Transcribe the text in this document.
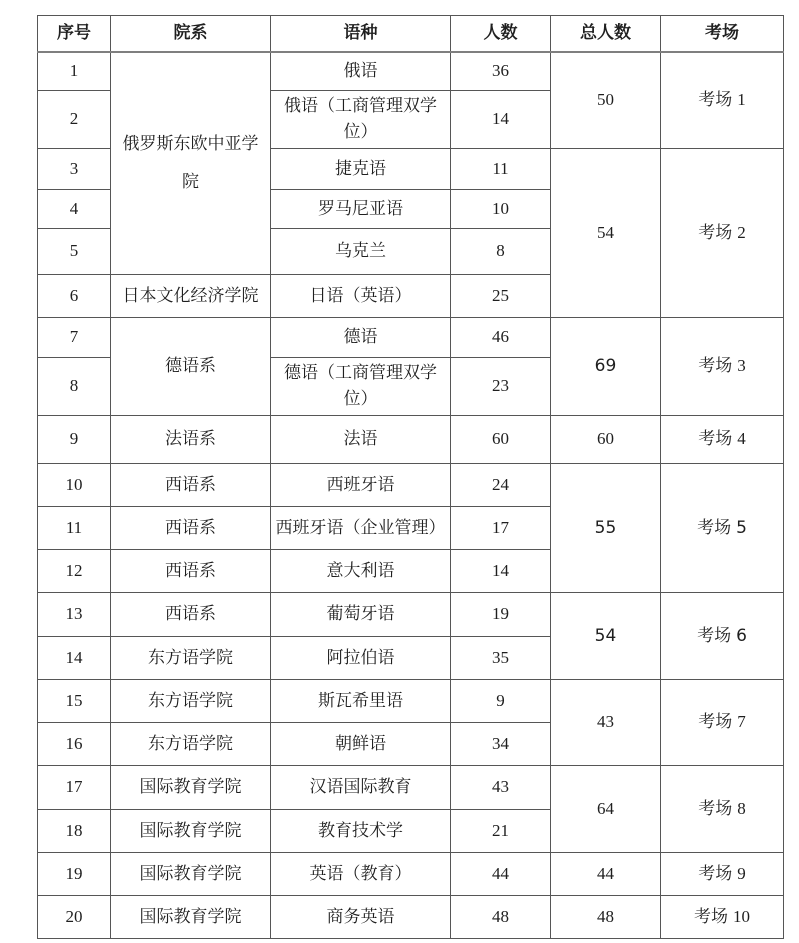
序号	院系	语种	人数	总人数	考场
1	俄罗斯东欧中亚学院	俄语	36	50	考场 1
2		俄语（工商管理双学位）	14		
3		捷克语	11	54	考场 2
4		罗马尼亚语	10		
5		乌克兰	8		
6	日本文化经济学院	日语（英语）	25		
7	德语系	德语	46	69	考场 3
8		德语（工商管理双学位）	23		
9	法语系	法语	60	60	考场 4
10	西语系	西班牙语	24	55	考场 5
11	西语系	西班牙语（企业管理）	17		
12	西语系	意大利语	14		
13	西语系	葡萄牙语	19	54	考场 6
14	东方语学院	阿拉伯语	35		
15	东方语学院	斯瓦希里语	9	43	考场 7
16	东方语学院	朝鲜语	34		
17	国际教育学院	汉语国际教育	43	64	考场 8
18	国际教育学院	教育技术学	21		
19	国际教育学院	英语（教育）	44	44	考场 9
20	国际教育学院	商务英语	48	48	考场 10
